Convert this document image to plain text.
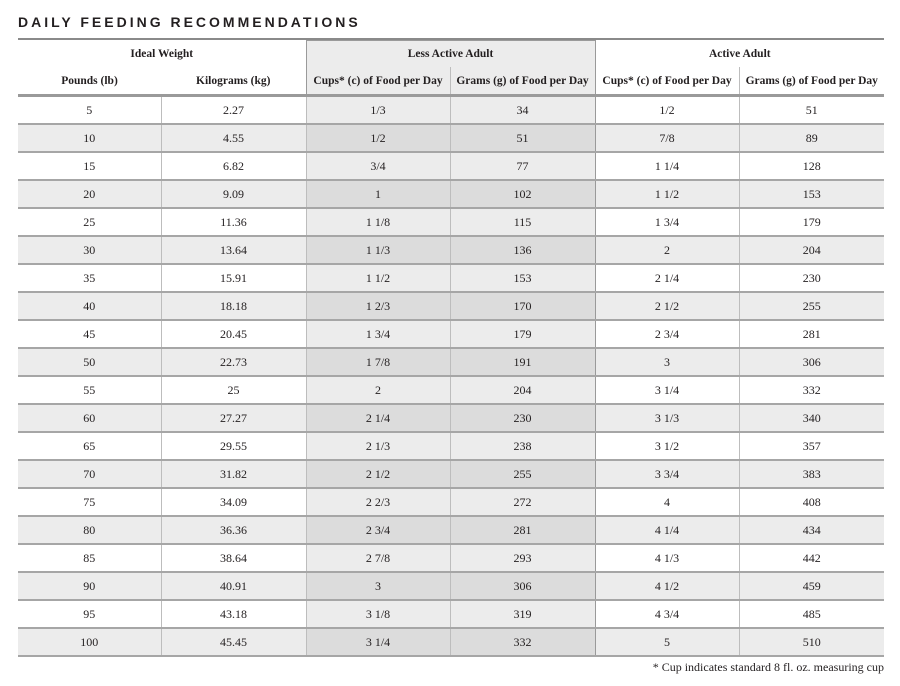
DAILY FEEDING RECOMMENDATIONS
Ideal Weight		Less Active Adult		Active Adult	
Pounds (lb)	Kilograms (kg)	Cups* (c) of Food per Day	Grams (g) of Food per Day	Cups* (c) of Food per Day	Grams (g) of Food per Day
5	2.27	1/3	34	1/2	51
10	4.55	1/2	51	7/8	89
15	6.82	3/4	77	1 1/4	128
20	9.09	1	102	1 1/2	153
25	11.36	1 1/8	115	1 3/4	179
30	13.64	1 1/3	136	2	204
35	15.91	1 1/2	153	2 1/4	230
40	18.18	1 2/3	170	2 1/2	255
45	20.45	1 3/4	179	2 3/4	281
50	22.73	1 7/8	191	3	306
55	25	2	204	3 1/4	332
60	27.27	2 1/4	230	3 1/3	340
65	29.55	2 1/3	238	3 1/2	357
70	31.82	2 1/2	255	3 3/4	383
75	34.09	2 2/3	272	4	408
80	36.36	2 3/4	281	4 1/4	434
85	38.64	2 7/8	293	4 1/3	442
90	40.91	3	306	4 1/2	459
95	43.18	3 1/8	319	4 3/4	485
100	45.45	3 1/4	332	5	510
* Cup indicates standard 8 fl. oz. measuring cup
